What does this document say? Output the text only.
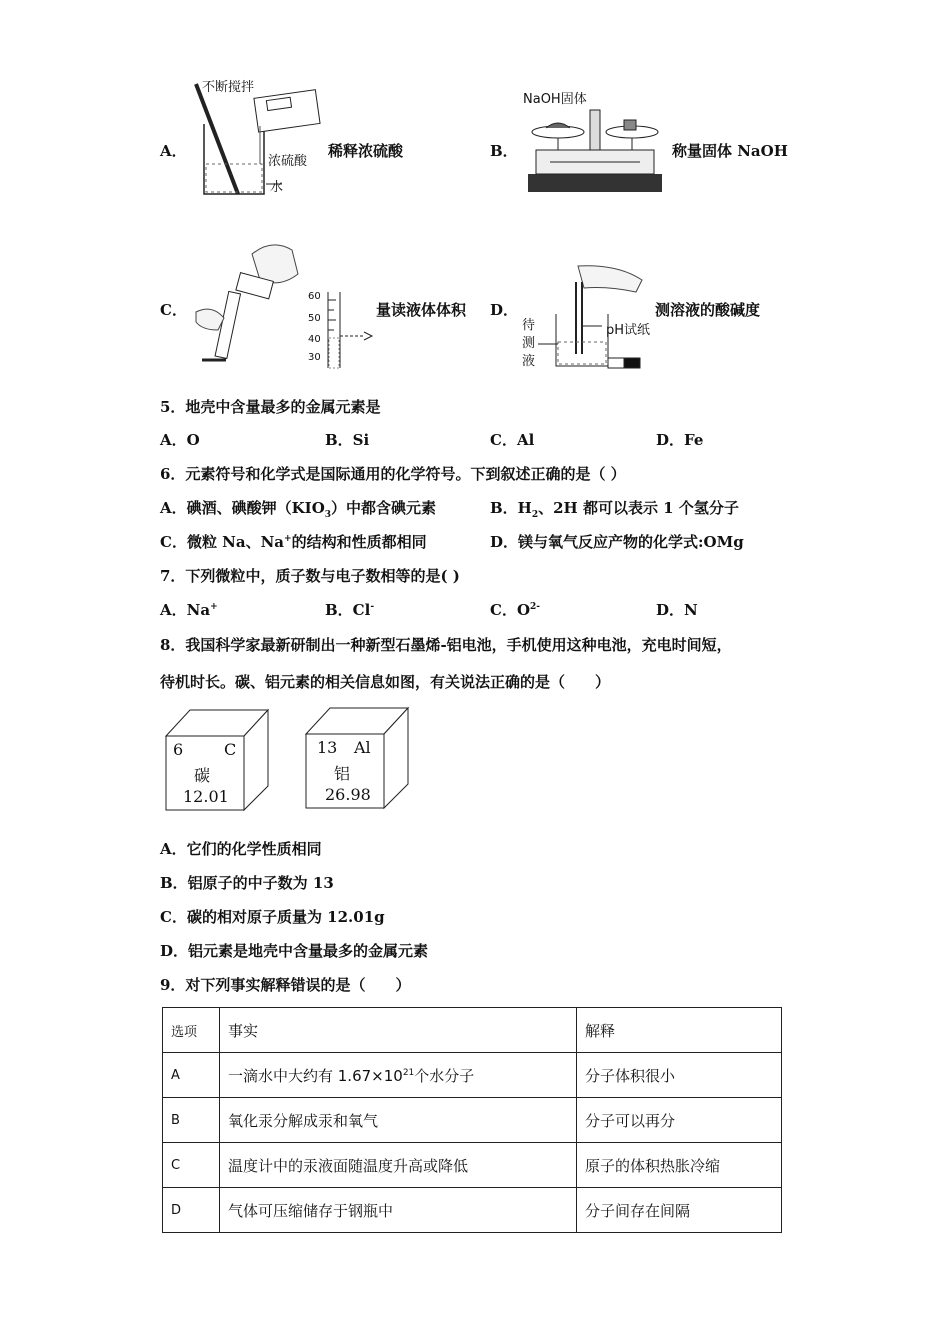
A．
不断搅拌
浓硫酸
水
稀释浓硫酸	B．
NaOH固体
称量固体 NaOH
C．
60
50
40
30
量读液体体积 D．
pH试纸
待
测
液
测溶液的酸碱度
5．地壳中含量最多的金属元素是
A．O	B．Si	C．Al	D．Fe
6．元素符号和化学式是国际通用的化学符号。下到叙述正确的是（ ）
A．碘酒、碘酸钾$(KIO_3)$中都含碘元素	B．$H_2$、2H 都可以表示 1 个氢分子
C．微粒 Na、Na+的结构和性质都相同	D．镁与氧气反应产物的化学式:OMg
7．下列微粒中，质子数与电子数相等的是( )
A．Na+	B．Cl-	C．$O^{2-}$	D．N
8．我国科学家最新研制出一种新型石墨烯-铝电池，手机使用这种电池，充电时间短，
待机时长。碳、铝元素的相关信息如图，有关说法正确的是（　　）
6	C
碳
12.01
13 Al
铝
26.98
A．它们的化学性质相同
B．铝原子的中子数为 13
C．碳的相对原子质量为 12.01g
D．铝元素是地壳中含量最多的金属元素
9．对下列事实解释错误的是（　　）
选项	事实	解释
A	一滴水中大约有 $1.67\times 10^{21}$个水分子	分子体积很小
B	氧化汞分解成汞和氧气	分子可以再分
C	温度计中的汞液面随温度升高或降低	原子的体积热胀冷缩
D	气体可压缩储存于钢瓶中	分子间存在间隔
